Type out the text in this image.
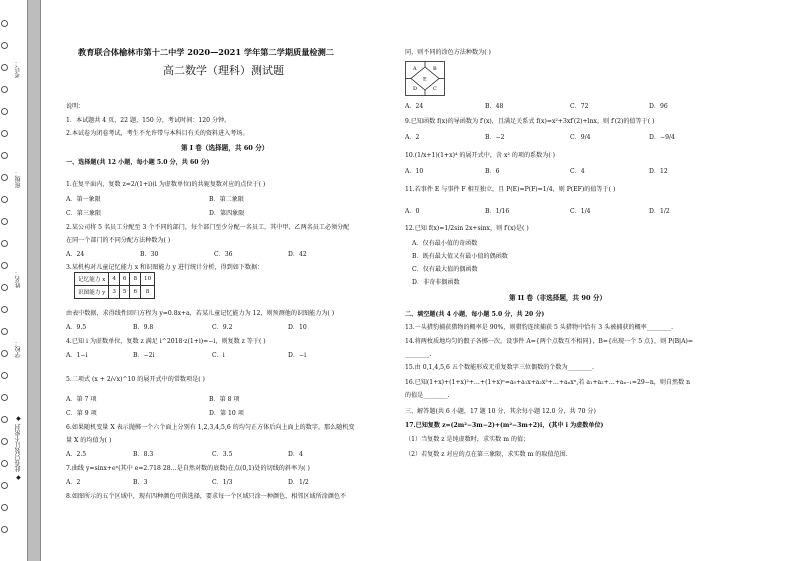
◆ 此卷只装订不密封 ◆
考号：
班级：
姓名：
学校：
教育联合体榆林市第十二中学 2020—2021 学年第二学期质量检测二
高二数学（理科）测试题
说明：
1．本试题共 4 页，22 题，150 分，考试时间：120 分钟。
2.本试卷为闭卷考试，考生不允许带与本科目有关的资料进入考场。
第 I 卷（选择题，共 60 分）
一、选择题(共 12 小题，每小题 5.0 分，共 60 分)
1.在复平面内，复数 z=2/(1+i)(i 为虚数单位)的共轭复数对应的点位于( )
A．第一象限	B．第二象限
C．第三象限	D．第四象限
2.某公司将 5 名员工分配至 3 个不同的部门，每个部门至少分配一名员工，其中甲、乙两名员工必须分配
在同一个部门的不同分配方法种数为( )
A．24	B．30	C．36	D．42
3.某机构对儿童记忆能力 x 和识图能力 y 进行统计分析，得到如下数据：
由表中数据，求得线性回归方程为 y=0.8x+a，若某儿童记忆能力为 12，则预测他的识图能力为( )
A．9.5	B．9.8	C．9.2	D．10
4.已知 i 为虚数单位，复数 z 满足 i^2018·z(1+i)=−i，则复数 z 等于( )
A．1−i	B．−2i	C．i	D．−i
5.二项式 (x + 2/√x)^10 的展开式中的常数项是( )
A．第 7 项	B．第 8 项
C．第 9 项	D．第 10 项
6.如果随机变量 X 表示抛掷一个六个面上分别有 1,2,3,4,5,6 的均匀正方体后向上面上的数字，那么随机变
量 X 的均值为( )
A．2.5	B．8.3	C．3.5	D．4
7.曲线 y=sinx+eˣ(其中 e=2.718 28…是自然对数的底数)在点(0,1)处的切线的斜率为( )
A．2	B．3	C．1/3	D．1/2
8.如图所示的五个区域中，现有四种颜色可供选择，要求每一个区域只涂一种颜色，相邻区域所涂颜色不
记忆能力 x	4	6	8	10
识图能力 y	3	5	6	8
A	B
C
D
E
同，则不同的涂色方法种数为( )
A．24	B．48	C．72	D．96
9.已知函数 f(x)的导函数为 f′(x)，且满足关系式 f(x)=x²+3xf′(2)+lnx，则 f′(2)的值等于( )
A．2	B．−2	C．9/4	D．−9/4
10.(1/x+1)(1+x)⁴ 的展开式中，含 x² 的项的系数为( )
A．10	B．6	C．4	D．12
11.若事件 E 与事件 F 相互独立，且 P(E)=P(F)=1/4，则 P(EF)的值等于( )
A．0	B．1/16	C．1/4	D．1/2
12.已知 f(x)=1/2sin 2x+sinx，则 f′(x)是( )
A．仅有最小值的奇函数
B．既有最大值又有最小值的偶函数
C．仅有最大值的偶函数
D．非奇非偶函数
第 II 卷（非选择题，共 90 分）
二、填空题(共 4 小题，每小题 5.0 分，共 20 分)
13.一头猎豹捕获猎物的概率是 90%，则猎豹连续捕获 5 头猎物中恰有 3 头被捕获的概率________.
14.将两枚质地均匀的骰子各掷一次，设事件 A={两个点数互不相同}，B={出现一个 5 点}，则 P(B|A)=
________.
15.由 0,1,4,5,6 五个数能形成无重复数字三位偶数的个数为________.
16.已知(1+x)+(1+x)²+…+(1+x)ⁿ=a₀+a₁x+a₂x²+…+aₙxⁿ,若 a₁+a₂+…+aₙ₋₁=29−n，则自然数 n
的值是________.
三、解答题(共 6 小题，17 题 10 分，其余每小题 12.0 分，共 70 分)
17.已知复数 z=(2m²−3m−2)+(m²−3m+2)i，(其中 i 为虚数单位)
（1）当复数 z 是纯虚数时，求实数 m 的值；
（2）若复数 z 对应的点在第三象限，求实数 m 的取值范围.
